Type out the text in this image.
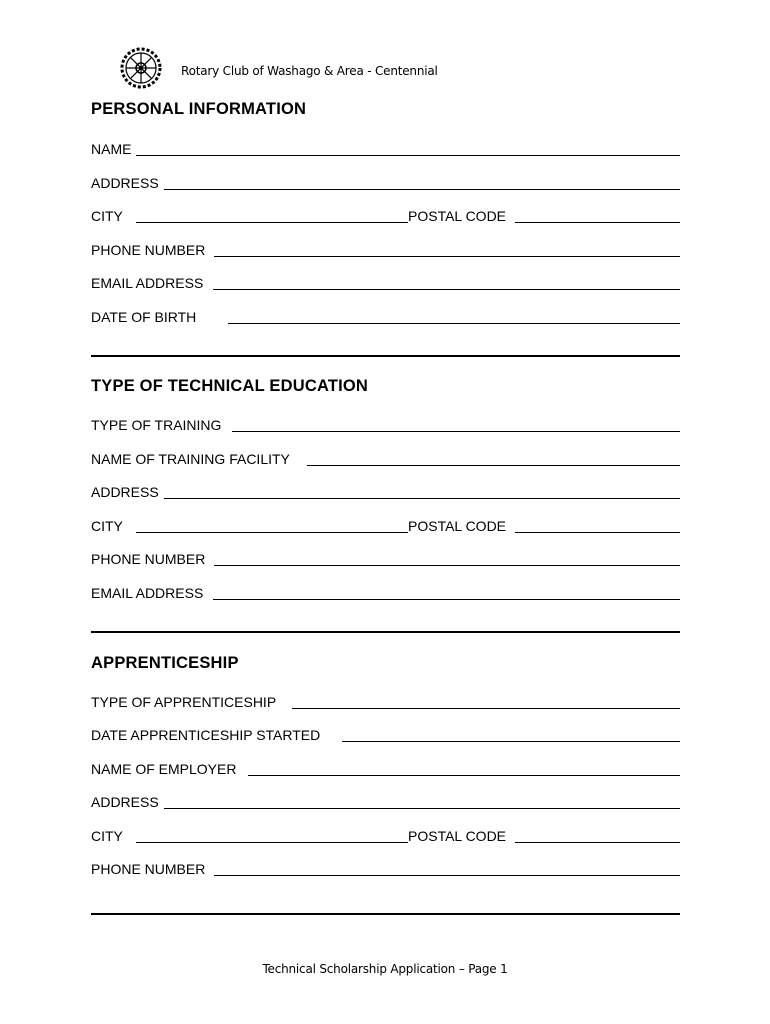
Rotary Club of Washago & Area - Centennial
PERSONAL INFORMATION
NAME
ADDRESS
CITY	POSTAL CODE
PHONE NUMBER
EMAIL ADDRESS
DATE OF BIRTH
TYPE OF TECHNICAL EDUCATION
TYPE OF TRAINING
NAME OF TRAINING FACILITY
ADDRESS
CITY	POSTAL CODE
PHONE NUMBER
EMAIL ADDRESS
APPRENTICESHIP
TYPE OF APPRENTICESHIP
DATE APPRENTICESHIP STARTED
NAME OF EMPLOYER
ADDRESS
CITY	POSTAL CODE
PHONE NUMBER
Technical Scholarship Application – Page 1
